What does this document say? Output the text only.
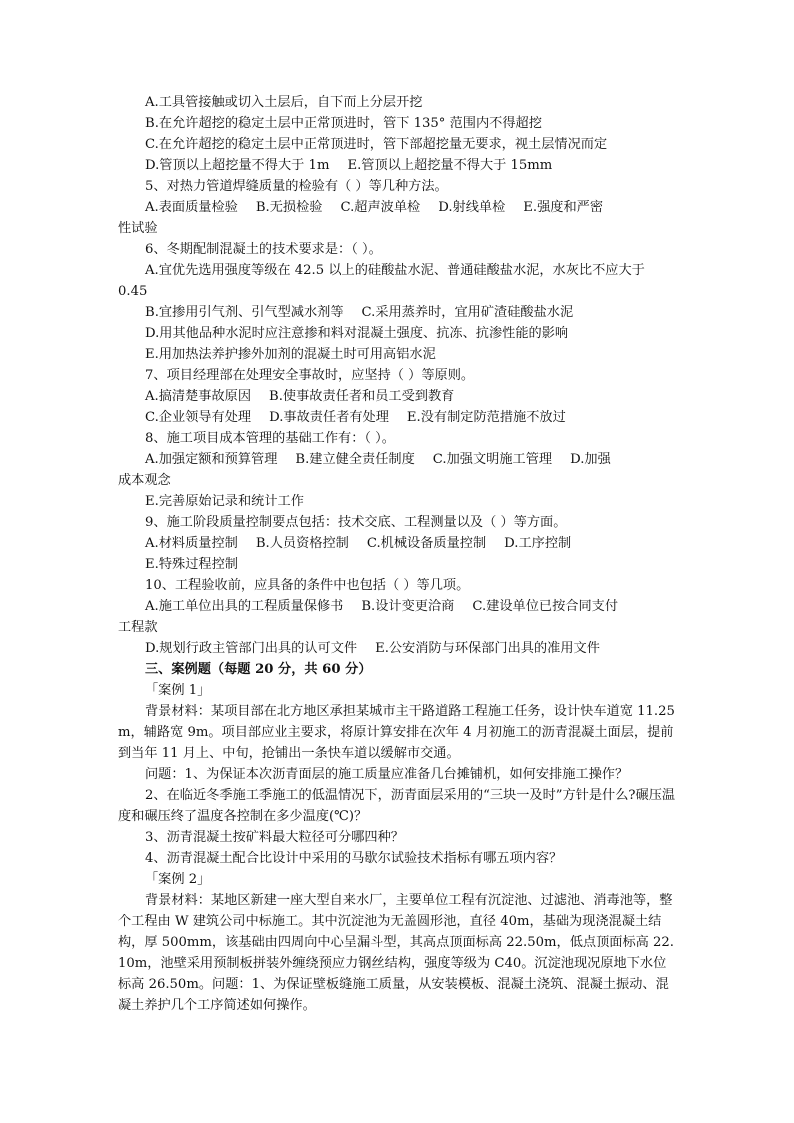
A.工具管接触或切入土层后，自下而上分层开挖
B.在允许超挖的稳定土层中正常顶进时，管下 135° 范围内不得超挖
C.在允许超挖的稳定土层中正常顶进时，管下部超挖量无要求，视土层情况而定
D.管顶以上超挖量不得大于 1m E.管顶以上超挖量不得大于 15mm
5、对热力管道焊缝质量的检验有（ ）等几种方法。
A.表面质量检验 B.无损检验 C.超声波单检 D.射线单检 E.强度和严密
性试验
6、冬期配制混凝土的技术要求是：（ ）。
A.宜优先选用强度等级在 42.5 以上的硅酸盐水泥、普通硅酸盐水泥，水灰比不应大于
0.45
B.宜掺用引气剂、引气型减水剂等 C.采用蒸养时，宜用矿渣硅酸盐水泥
D.用其他品种水泥时应注意掺和料对混凝土强度、抗冻、抗渗性能的影响
E.用加热法养护掺外加剂的混凝土时可用高铝水泥
7、项目经理部在处理安全事故时，应坚持（ ）等原则。
A.搞清楚事故原因 B.使事故责任者和员工受到教育
C.企业领导有处理 D.事故责任者有处理 E.没有制定防范措施不放过
8、施工项目成本管理的基础工作有：（ ）。
A.加强定额和预算管理 B.建立健全责任制度 C.加强文明施工管理 D.加强
成本观念
E.完善原始记录和统计工作
9、施工阶段质量控制要点包括：技术交底、工程测量以及（ ）等方面。
A.材料质量控制 B.人员资格控制 C.机械设备质量控制 D.工序控制
E.特殊过程控制
10、工程验收前，应具备的条件中也包括（ ）等几项。
A.施工单位出具的工程质量保修书 B.设计变更洽商 C.建设单位已按合同支付
工程款
D.规划行政主管部门出具的认可文件 E.公安消防与环保部门出具的准用文件
三、案例题（每题 20 分，共 60 分）
「案例 1」
背景材料：某项目部在北方地区承担某城市主干路道路工程施工任务，设计快车道宽 11.25m，辅路宽 9m。项目部应业主要求，将原计算安排在次年 4 月初施工的沥青混凝土面层，提前到当年 11 月上、中旬，抢铺出一条快车道以缓解市交通。
问题：1、为保证本次沥青面层的施工质量应准备几台摊铺机，如何安排施工操作？
2、在临近冬季施工季施工的低温情况下，沥青面层采用的“三块一及时”方针是什么?碾压温度和碾压终了温度各控制在多少温度(℃)？
3、沥青混凝土按矿料最大粒径可分哪四种？
4、沥青混凝土配合比设计中采用的马歇尔试验技术指标有哪五项内容？
「案例 2」
背景材料：某地区新建一座大型自来水厂，主要单位工程有沉淀池、过滤池、消毒池等，整个工程由 W 建筑公司中标施工。其中沉淀池为无盖圆形池，直径 40m，基础为现浇混凝土结构，厚 500mm，该基础由四周向中心呈漏斗型，其高点顶面标高 22.50m，低点顶面标高 22.10m，池壁采用预制板拼装外缠绕预应力钢丝结构，强度等级为 C40。沉淀池现况原地下水位标高 26.50m。问题：1、为保证壁板缝施工质量，从安装模板、混凝土浇筑、混凝土振动、混凝土养护几个工序简述如何操作。
